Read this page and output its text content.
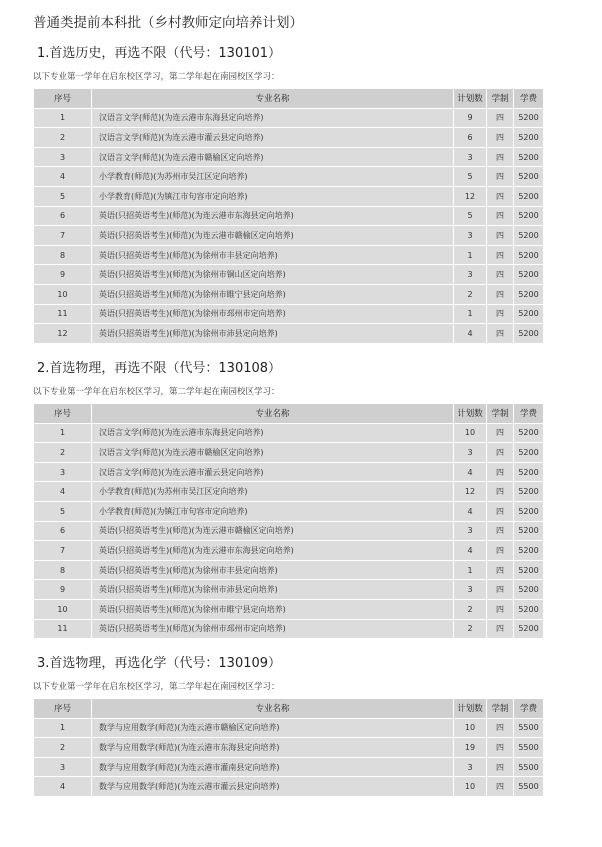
普通类提前本科批（乡村教师定向培养计划）
1.首选历史，再选不限（代号：130101）
以下专业第一学年在启东校区学习，第二学年起在南园校区学习：
序号	专业名称	计划数	学制	学费
1	汉语言文学(师范)(为连云港市东海县定向培养)	9	四	5200
2	汉语言文学(师范)(为连云港市灌云县定向培养)	6	四	5200
3	汉语言文学(师范)(为连云港市赣榆区定向培养)	3	四	5200
4	小学教育(师范)(为苏州市吴江区定向培养)	5	四	5200
5	小学教育(师范)(为镇江市句容市定向培养)	12	四	5200
6	英语(只招英语考生)(师范)(为连云港市东海县定向培养)	5	四	5200
7	英语(只招英语考生)(师范)(为连云港市赣榆区定向培养)	3	四	5200
8	英语(只招英语考生)(师范)(为徐州市丰县定向培养)	1	四	5200
9	英语(只招英语考生)(师范)(为徐州市铜山区定向培养)	3	四	5200
10	英语(只招英语考生)(师范)(为徐州市睢宁县定向培养)	2	四	5200
11	英语(只招英语考生)(师范)(为徐州市邳州市定向培养)	1	四	5200
12	英语(只招英语考生)(师范)(为徐州市沛县定向培养)	4	四	5200
2.首选物理，再选不限（代号：130108）
以下专业第一学年在启东校区学习，第二学年起在南园校区学习：
序号	专业名称	计划数	学制	学费
1	汉语言文学(师范)(为连云港市东海县定向培养)	10	四	5200
2	汉语言文学(师范)(为连云港市赣榆区定向培养)	3	四	5200
3	汉语言文学(师范)(为连云港市灌云县定向培养)	4	四	5200
4	小学教育(师范)(为苏州市吴江区定向培养)	12	四	5200
5	小学教育(师范)(为镇江市句容市定向培养)	4	四	5200
6	英语(只招英语考生)(师范)(为连云港市赣榆区定向培养)	3	四	5200
7	英语(只招英语考生)(师范)(为连云港市东海县定向培养)	4	四	5200
8	英语(只招英语考生)(师范)(为徐州市丰县定向培养)	1	四	5200
9	英语(只招英语考生)(师范)(为徐州市沛县定向培养)	3	四	5200
10	英语(只招英语考生)(师范)(为徐州市睢宁县定向培养)	2	四	5200
11	英语(只招英语考生)(师范)(为徐州市邳州市定向培养)	2	四	5200
3.首选物理，再选化学（代号：130109）
以下专业第一学年在启东校区学习，第二学年起在南园校区学习：
序号	专业名称	计划数	学制	学费
1	数学与应用数学(师范)(为连云港市赣榆区定向培养)	10	四	5500
2	数学与应用数学(师范)(为连云港市东海县定向培养)	19	四	5500
3	数学与应用数学(师范)(为连云港市灌南县定向培养)	3	四	5500
4	数学与应用数学(师范)(为连云港市灌云县定向培养)	10	四	5500
